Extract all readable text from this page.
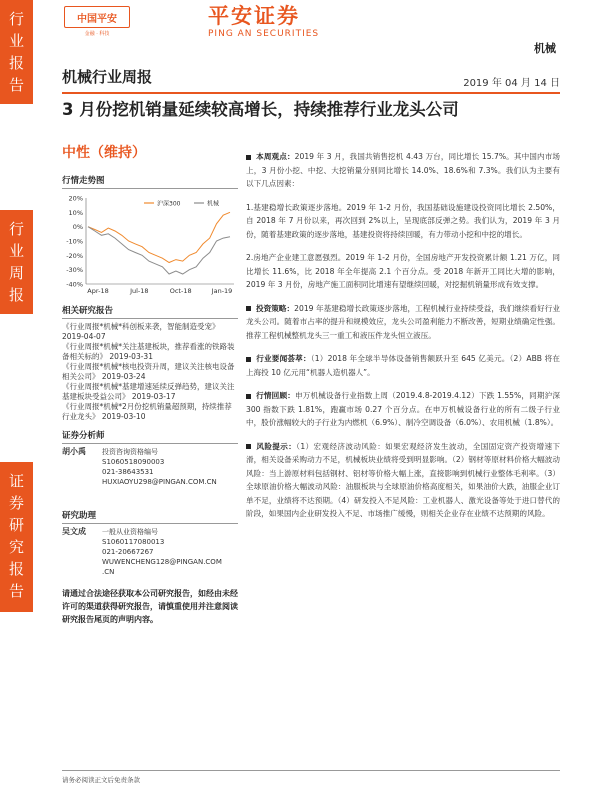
行
业
报
告
行
业
周
报
证
券
研
究
报
告
中国平安
金融 · 科技
平安证券
PING AN SECURITIES
机械
机械行业周报	2019 年 04 月 14 日
3 月份挖机销量延续较高增长，持续推荐行业龙头公司
中性（维持）
行情走势图
20%
10%
0%
-10%
-20%
-30%
-40%
Apr-18	Jul-18	Oct-18	Jan-19
沪深300	机械
相关研究报告
《行业周报*机械*科创板来袭，智能制造受宠》 2019-04-07
《行业周报*机械*关注基建板块，推荐看涨的铁路装备相关标的》 2019-03-31
《行业周报*机械*核电投资升周，建议关注核电设备相关公司》 2019-03-24
《行业周报*机械*基建增速延续反弹趋势，建议关注基建板块受益公司》 2019-03-17
《行业周报*机械*2月份挖机销量超预期，持续推荐行业龙头》 2019-03-10
证券分析师
胡小禹	投资咨询资格编号
S1060518090003
021-38643531
HUXIAOYU298@PINGAN.COM.CN
研究助理
吴文成	一般从业资格编号
S1060117080013
021-20667267
WUWENCHENG128@PINGAN.COM
.CN
请通过合法途径获取本公司研究报告，如经由未经许可的渠道获得研究报告，请慎重使用并注意阅读研究报告尾页的声明内容。

本周观点：2019 年 3 月，我国共销售挖机 4.43 万台，同比增长 15.7%。其中国内市场上，3 月份小挖、中挖、大挖销量分别同比增长 14.0%、18.6%和 7.3%。我们认为主要有以下几点因素：

1.基建稳增长政策逐步落地。2019 年 1-2 月份，我国基础设施建设投资同比增长 2.50%，自 2018 年 7 月份以来，再次回到 2%以上，呈现底部反弹之势。我们认为，2019 年 3 月份，随着基建政策的逐步落地，基建投资将持续回暖，有力带动小挖和中挖的增长。

2.房地产企业建工意愿强烈。2019 年 1-2 月份，全国房地产开发投资累计额 1.21 万亿，同比增长 11.6%，比 2018 年全年提高 2.1 个百分点。受 2018 年新开工同比大增的影响，2019 年 3 月份，房地产施工面积同比增速有望继续回暖，对挖掘机销量形成有效支撑。

投资策略：2019 年基建稳增长政策逐步落地，工程机械行业持续受益，我们继续看好行业龙头公司。随着市占率的提升和规模效应，龙头公司盈利能力不断改善，短期业绩确定性强。推荐工程机械整机龙头三一重工和液压件龙头恒立液压。

行业要闻荟萃：（1）2018 年全球半导体设备销售额跃升至 645 亿美元。（2）ABB 将在上海投 10 亿元用“机器人造机器人”。

行情回顾：申万机械设备行业指数上周（2019.4.8-2019.4.12）下跌 1.55%，同期沪深 300 指数下跌 1.81%，跑赢市场 0.27 个百分点。在申万机械设备行业的所有二级子行业中，股价涨幅较大的子行业为内燃机（6.9%）、制冷空调设备（6.0%）、农用机械（1.8%）。

风险提示：（1）宏观经济波动风险：如果宏观经济发生波动，全国固定资产投资增速下滑，相关设备采购动力不足，机械板块业绩将受到明显影响。（2）钢材等原材料价格大幅波动风险：当上游原材料包括钢材、铝材等价格大幅上涨，直接影响到机械行业整体毛利率。（3）全球原油价格大幅波动风险：油服板块与全球原油价格高度相关，如果油价大跌，油服企业订单不足，业绩将不达预期。（4）研发投入不足风险：工业机器人、激光设备等处于进口替代的阶段，如果国内企业研发投入不足、市场推广缓慢，则相关企业存在业绩不达预期的风险。

请务必阅读正文后免责条款
